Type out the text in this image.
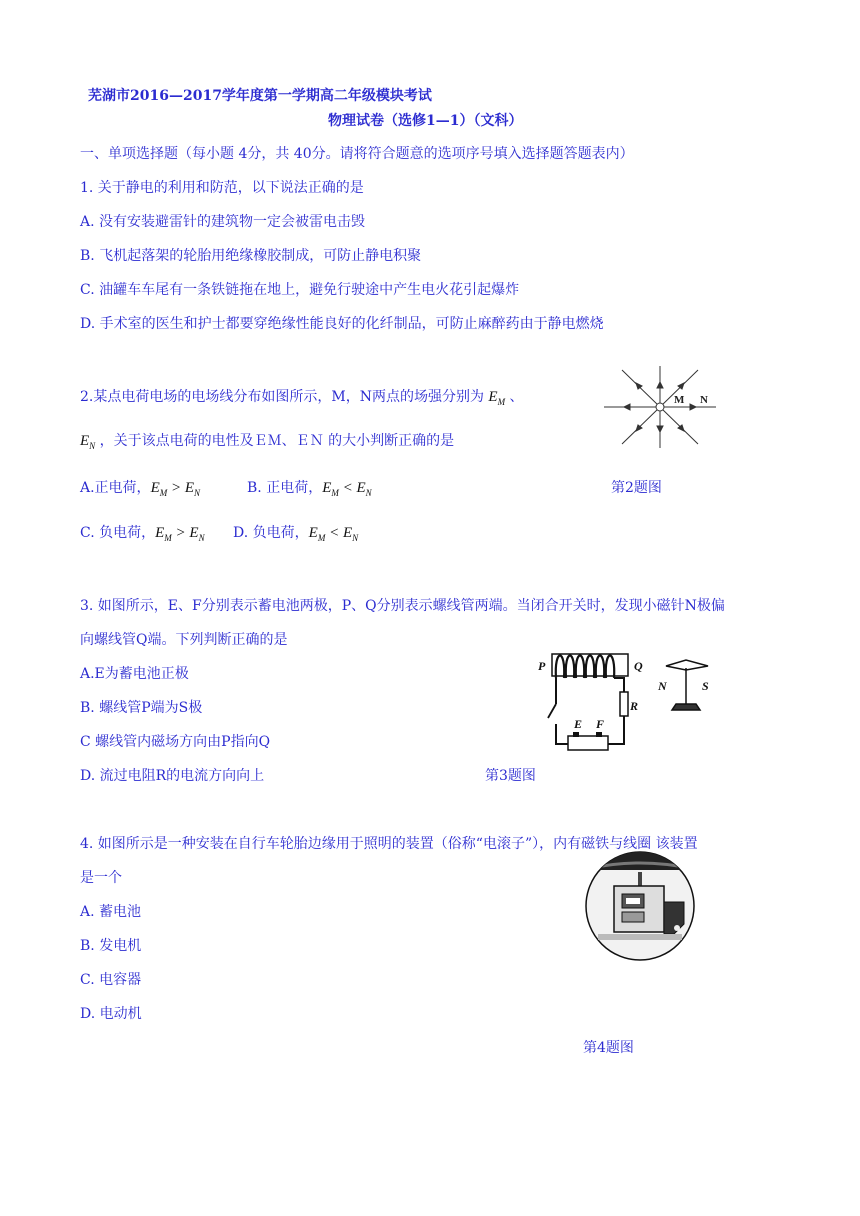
芜湖市2016—2017学年度第一学期高二年级模块考试
物理试卷（选修1—1）（文科）
一、单项选择题（每小题 4分，共 40分。请将符合题意的选项序号填入选择题答题表内）
1. 关于静电的利用和防范，以下说法正确的是
A. 没有安装避雷针的建筑物一定会被雷电击毁
B. 飞机起落架的轮胎用绝缘橡胶制成，可防止静电积聚
C. 油罐车车尾有一条铁链拖在地上，避免行驶途中产生电火花引起爆炸
D. 手术室的医生和护士都要穿绝缘性能良好的化纤制品，可防止麻醉药由于静电燃烧
2.某点电荷电场的电场线分布如图所示，M，N两点的场强分别为 $E_M$ 、
$E_N$ ，关于该点电荷的电性及ＥＭ、ＥＮ 的大小判断正确的是
A.正电荷，$E_M > E_N$	B. 正电荷，$E_M < E_N$	第2题图
C. 负电荷，$E_M > E_N$ D. 负电荷，$E_M < E_N$
M N
3. 如图所示，E、F分别表示蓄电池两极，P、Q分别表示螺线管两端。当闭合开关时，发现小磁针N极偏
向螺线管Q端。下列判断正确的是
A.E为蓄电池正极
B. 螺线管P端为S极
C 螺线管内磁场方向由P指向Q
D. 流过电阻R的电流方向向上	第3题图
P	Q
R
E F
N	S
4. 如图所示是一种安装在自行车轮胎边缘用于照明的装置（俗称“电滚子”），内有磁铁与线圈 该装置
是一个
A. 蓄电池
B. 发电机
C. 电容器
D. 电动机
第4题图
